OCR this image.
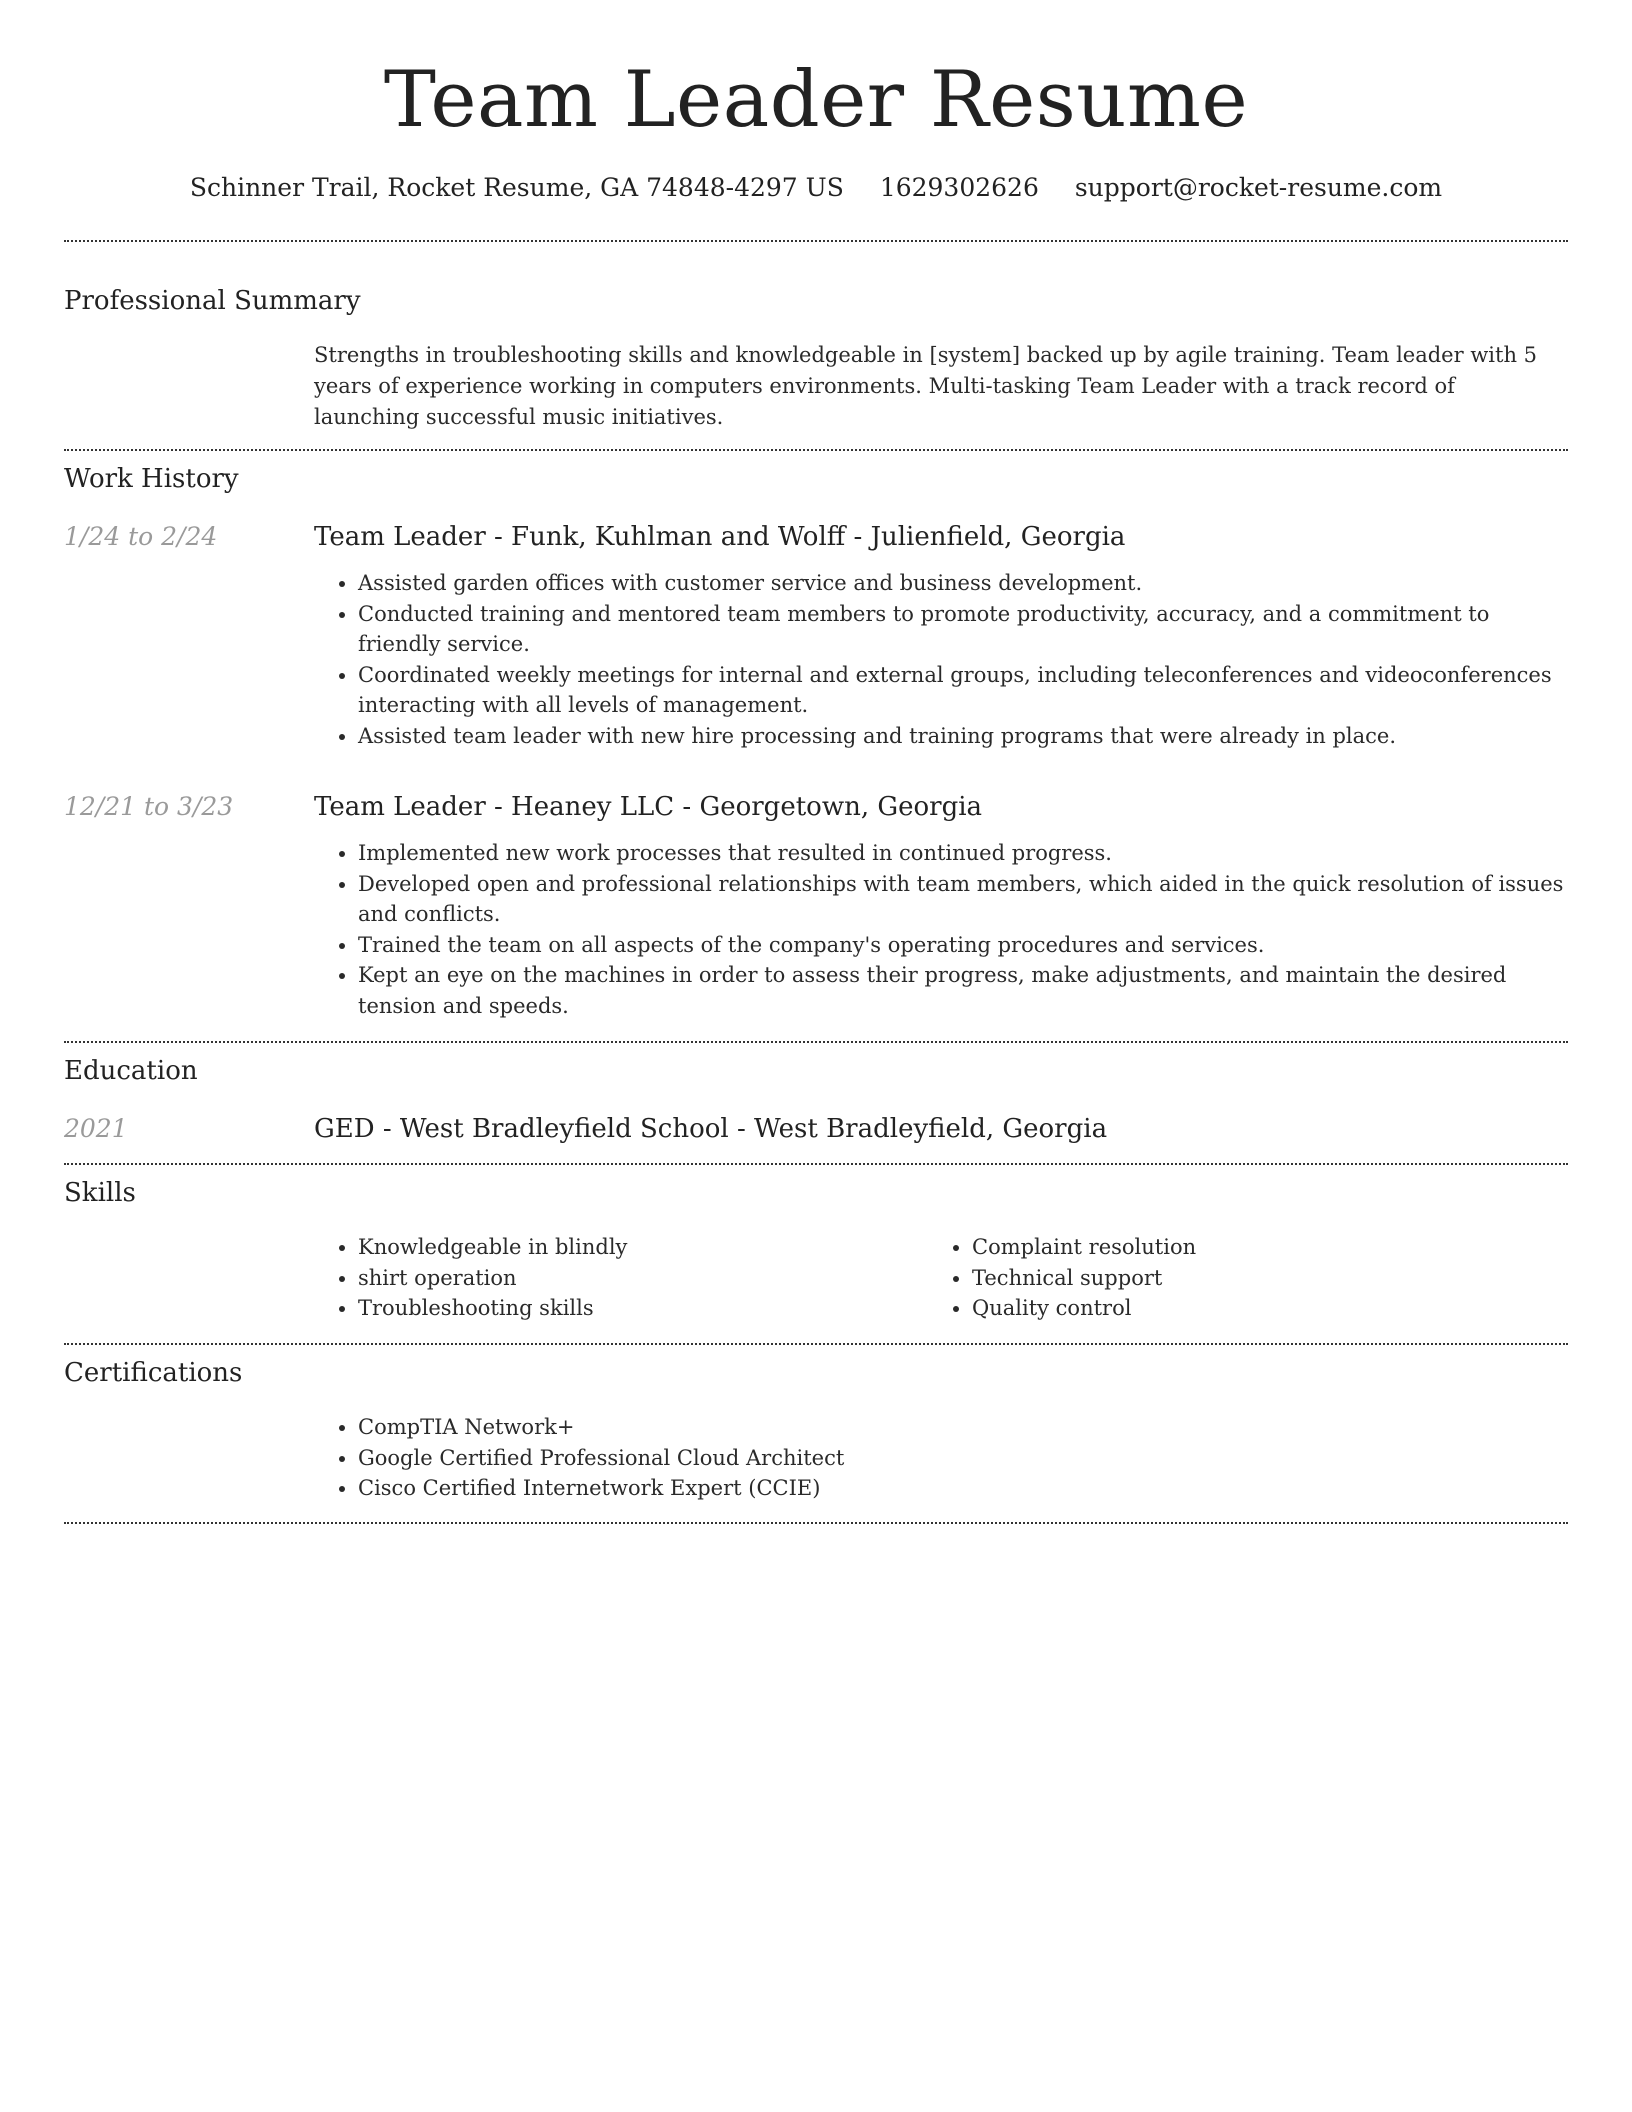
Team Leader Resume
Schinner Trail, Rocket Resume, GA 74848-4297 US 1629302626 support@rocket-resume.com
Professional Summary

Strengths in troubleshooting skills and knowledgeable in [system] backed up by agile training. Team leader with 5 years of experience working in computers environments. Multi-tasking Team Leader with a track record of launching successful music initiatives.

Work History
1/24 to 2/24	Team Leader - Funk, Kuhlman and Wolff - Julienfield, Georgia

• Assisted garden offices with customer service and business development.
• Conducted training and mentored team members to promote productivity, accuracy, and a commitment to friendly service.
• Coordinated weekly meetings for internal and external groups, including teleconferences and videoconferences interacting with all levels of management.
• Assisted team leader with new hire processing and training programs that were already in place.
12/21 to 3/23	Team Leader - Heaney LLC - Georgetown, Georgia

• Implemented new work processes that resulted in continued progress.
• Developed open and professional relationships with team members, which aided in the quick resolution of issues and conflicts.
• Trained the team on all aspects of the company's operating procedures and services.
• Kept an eye on the machines in order to assess their progress, make adjustments, and maintain the desired tension and speeds.
Education
2021	GED - West Bradleyfield School - West Bradleyfield, Georgia

Skills
• Knowledgeable in blindly
• shirt operation
• Troubleshooting skills
• Complaint resolution
• Technical support
• Quality control
Certifications
• CompTIA Network+
• Google Certified Professional Cloud Architect
• Cisco Certified Internetwork Expert (CCIE)
